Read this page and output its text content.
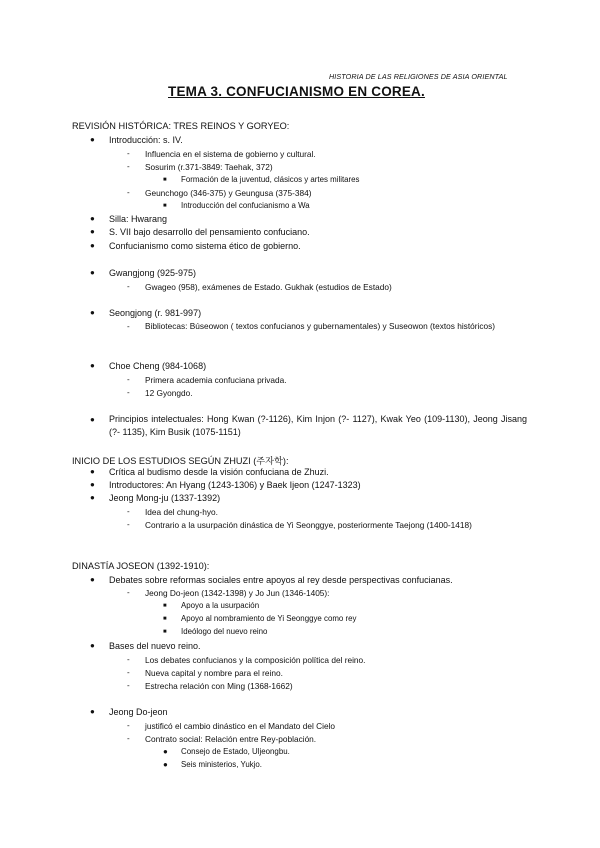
HISTORIA DE LAS RELIGIONES DE ASIA ORIENTAL
TEMA 3. CONFUCIANISMO EN COREA.
REVISIÓN HISTÓRICA: TRES REINOS Y GORYEO:
● Introducción: s. IV.
- Influencia en el sistema de gobierno y cultural.
- Sosurim (r.371-3849: Taehak, 372)
■ Formación de la juventud, clásicos y artes militares
- Geunchogo (346-375) y Geungusa (375-384)
■ Introducción del confucianismo a Wa
● Silla: Hwarang
● S. VII bajo desarrollo del pensamiento confuciano.
● Confucianismo como sistema ético de gobierno.
● Gwangjong (925-975)
- Gwageo (958), exámenes de Estado. Gukhak (estudios de Estado)
● Seongjong (r. 981-997)
- Bibliotecas: Búseowon ( textos confucianos y gubernamentales) y Suseowon (textos históricos)
● Choe Cheng (984-1068)
- Primera academia confuciana privada.
- 12 Gyongdo.
● Principios intelectuales: Hong Kwan (?-1126), Kim Injon (?- 1127), Kwak Yeo (109-1130), Jeong Jisang (?- 1135), Kim Busik (1075-1151)
INICIO DE LOS ESTUDIOS SEGÚN ZHUZI (주자학):
● Crítica al budismo desde la visión confuciana de Zhuzi.
● Introductores: An Hyang (1243-1306) y Baek Ijeon (1247-1323)
● Jeong Mong-ju (1337-1392)
- Idea del chung-hyo.
- Contrario a la usurpación dinástica de Yi Seonggye, posteriormente Taejong (1400-1418)
DINASTÍA JOSEON (1392-1910):
● Debates sobre reformas sociales entre apoyos al rey desde perspectivas confucianas.
- Jeong Do-jeon (1342-1398) y Jo Jun (1346-1405):
■ Apoyo a la usurpación
■ Apoyo al nombramiento de Yi Seonggye como rey
■ Ideólogo del nuevo reino
● Bases del nuevo reino.
- Los debates confucianos y la composición política del reino.
- Nueva capital y nombre para el reino.
- Estrecha relación con Ming (1368-1662)
● Jeong Do-jeon
- justificó el cambio dinástico en el Mandato del Cielo
- Contrato social: Relación entre Rey-población.
● Consejo de Estado, Uljeongbu.
● Seis ministerios, Yukjo.
